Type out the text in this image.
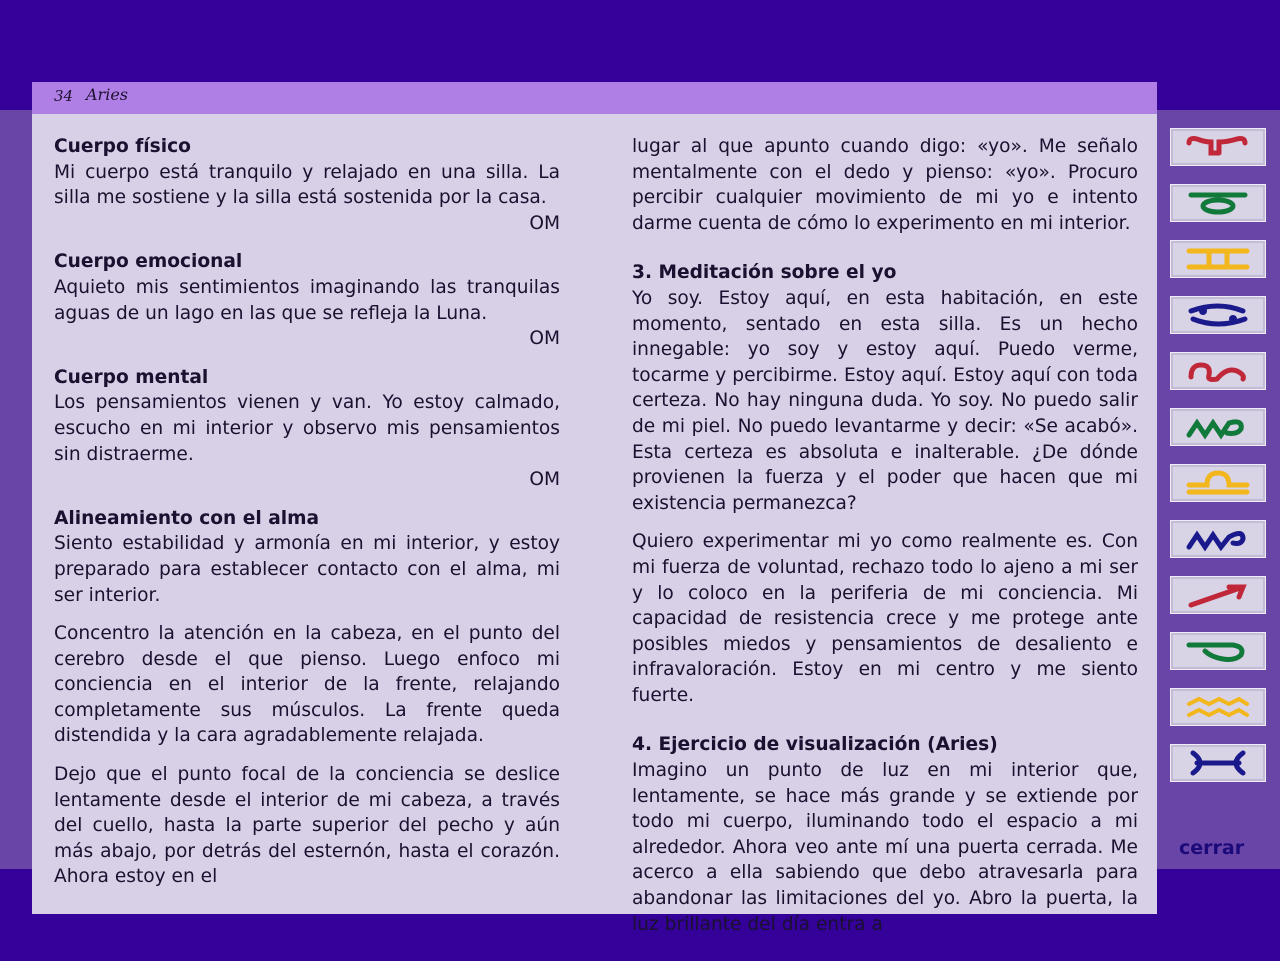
34 Aries
Cuerpo físico

Mi cuerpo está tranquilo y relajado en una silla. La silla me sostiene y la silla está sostenida por la casa.

OM
Cuerpo emocional

Aquieto mis sentimientos imaginando las tranquilas aguas de un lago en las que se refleja la Luna.

OM
Cuerpo mental

Los pensamientos vienen y van. Yo estoy calmado, escucho en mi interior y observo mis pensamientos sin distraerme.

OM
Alineamiento con el alma

Siento estabilidad y armonía en mi interior, y estoy preparado para establecer contacto con el alma, mi ser interior.

Concentro la atención en la cabeza, en el punto del cerebro desde el que pienso. Luego enfoco mi conciencia en el interior de la frente, relajando completamente sus músculos. La frente queda distendida y la cara agradablemente relajada.

Dejo que el punto focal de la conciencia se deslice lentamente desde el interior de mi cabeza, a través del cuello, hasta la parte superior del pecho y aún más abajo, por detrás del esternón, hasta el corazón. Ahora estoy en el

lugar al que apunto cuando digo: «yo». Me señalo mentalmente con el dedo y pienso: «yo». Procuro percibir cualquier movimiento de mi yo e intento darme cuenta de cómo lo experimento en mi interior.

3. Meditación sobre el yo

Yo soy. Estoy aquí, en esta habitación, en este momento, sentado en esta silla. Es un hecho innegable: yo soy y estoy aquí. Puedo verme, tocarme y percibirme. Estoy aquí. Estoy aquí con toda certeza. No hay ninguna duda. Yo soy. No puedo salir de mi piel. No puedo levantarme y decir: «Se acabó». Esta certeza es absoluta e inalterable. ¿De dónde provienen la fuerza y el poder que hacen que mi existencia permanezca?

Quiero experimentar mi yo como realmente es. Con mi fuerza de voluntad, rechazo todo lo ajeno a mi ser y lo coloco en la periferia de mi conciencia. Mi capacidad de resistencia crece y me protege ante posibles miedos y pensamientos de desaliento e infravaloración. Estoy en mi centro y me siento fuerte.

4. Ejercicio de visualización (Aries)

Imagino un punto de luz en mi interior que, lentamente, se hace más grande y se extiende por todo mi cuerpo, iluminando todo el espacio a mi alrededor. Ahora veo ante mí una puerta cerrada. Me acerco a ella sabiendo que debo atravesarla para abandonar las limitaciones del yo. Abro la puerta, la luz brillante del día entra a

cerrar
